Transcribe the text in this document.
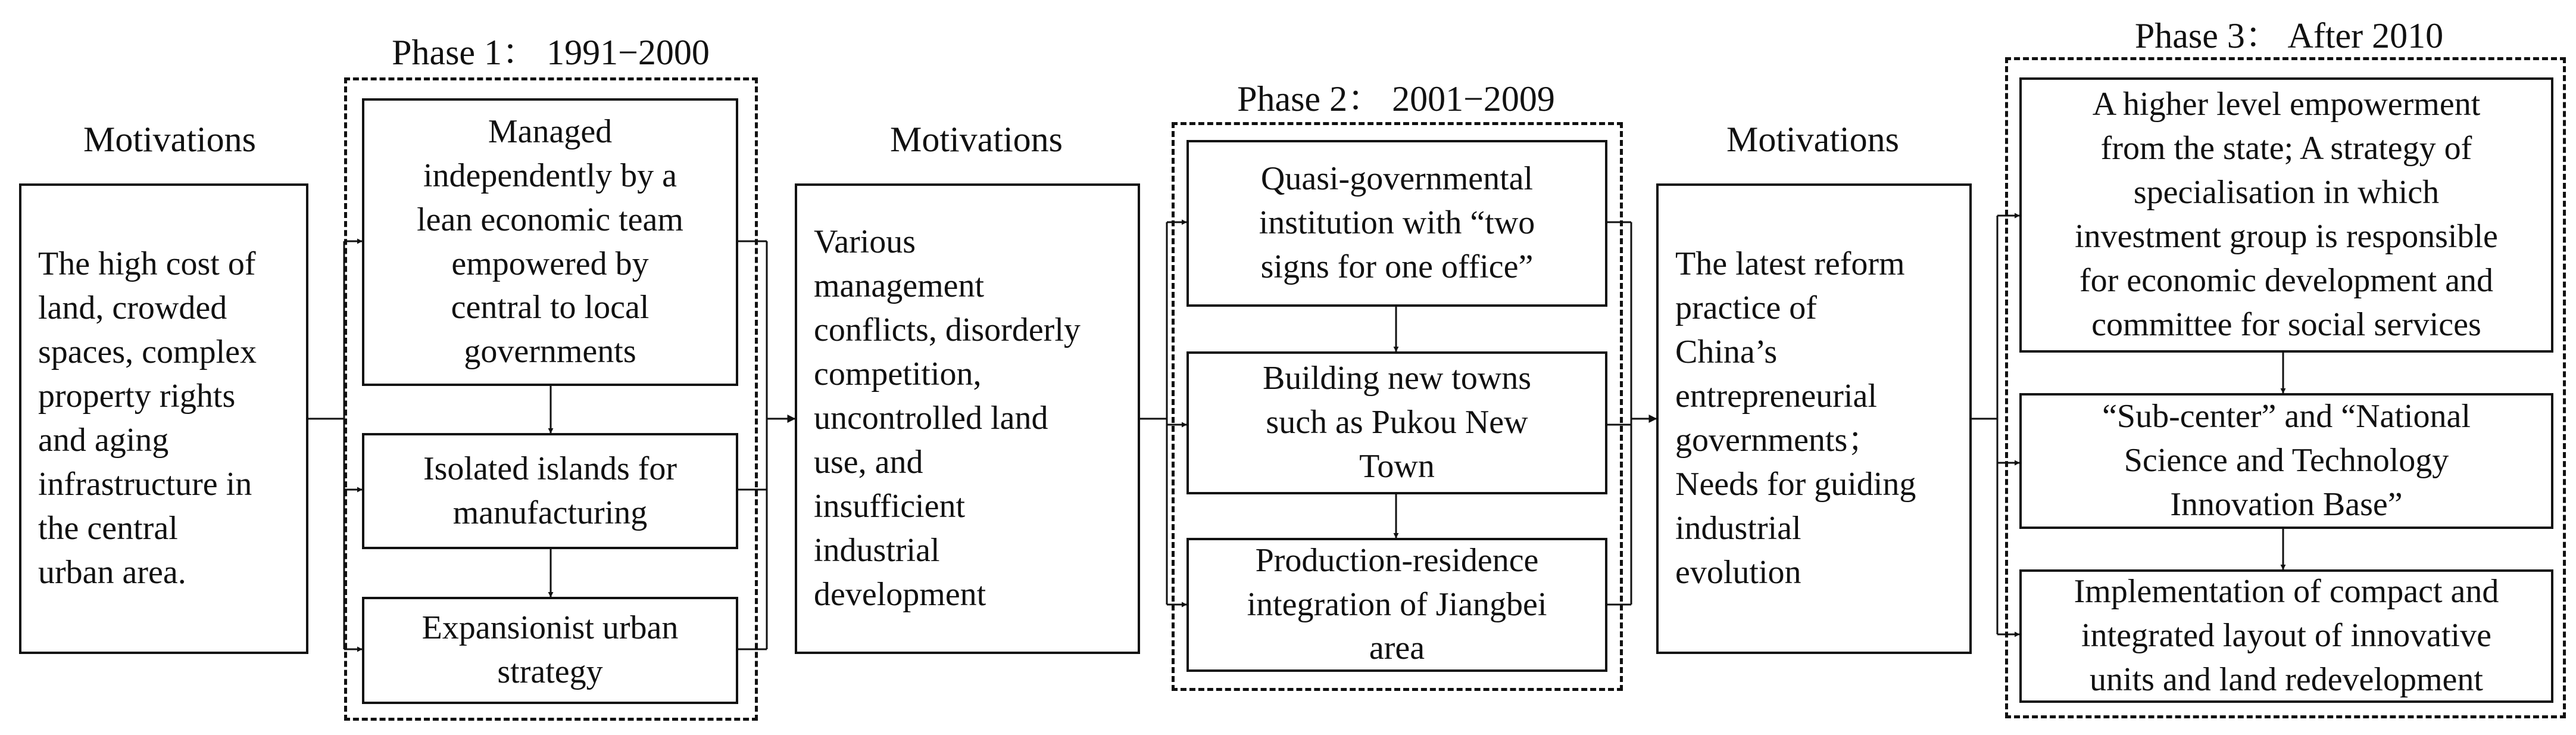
Phase 1： 1991−2000
Motivations
The high cost of
land, crowded
spaces, complex
property rights
and aging
infrastructure in
the central
urban area.
Managed
independently by a
lean economic team
empowered by
central to local
governments
Isolated islands for
manufacturing
Expansionist urban
strategy
Phase 2： 2001−2009
Motivations
Various
management
conflicts, disorderly
competition,
uncontrolled land
use, and
insufficient
industrial
development
Quasi-governmental
institution with “two
signs for one office”
Building new towns
such as Pukou New
Town
Production-residence
integration of Jiangbei
area
Phase 3： After 2010
Motivations
The latest reform
practice of
China’s
entrepreneurial
governments；
Needs for guiding
industrial
evolution
A higher level empowerment
from the state; A strategy of
specialisation in which
investment group is responsible
for economic development and
committee for social services
“Sub-center” and “National
Science and Technology
Innovation Base”
Implementation of compact and
integrated layout of innovative
units and land redevelopment
